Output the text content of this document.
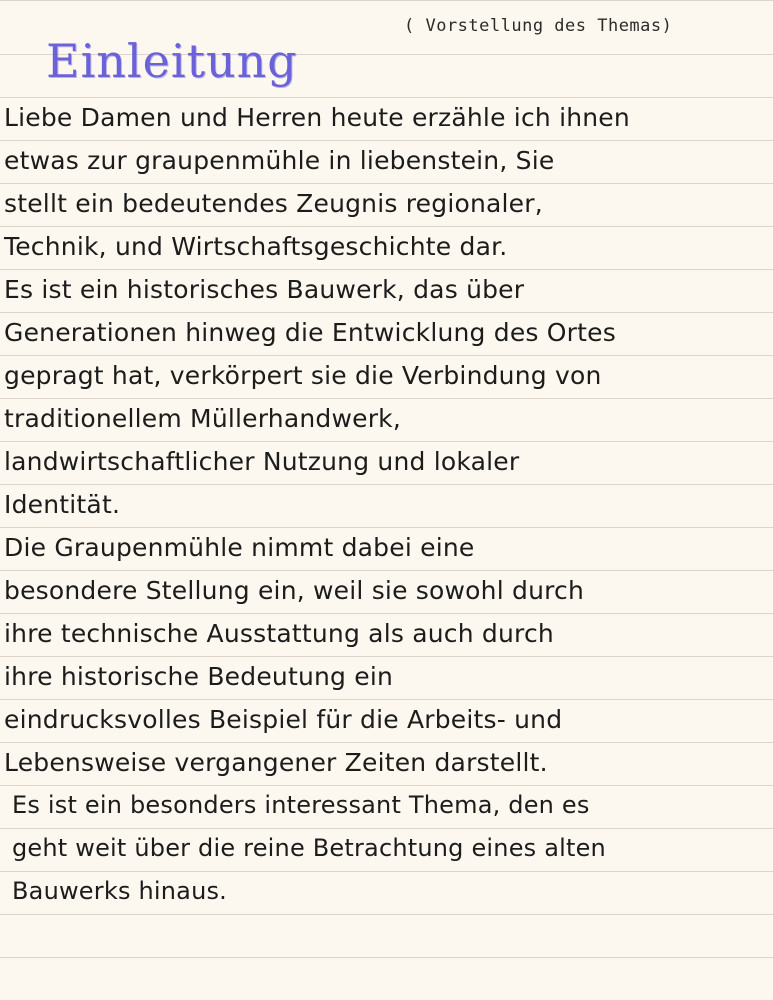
( Vorstellung des Themas)
Einleitung
Liebe Damen und Herren heute erzähle ich ihnen
etwas zur graupenmühle in liebenstein, Sie
stellt ein bedeutendes Zeugnis regionaler,
Technik, und Wirtschaftsgeschichte dar.
Es ist ein historisches Bauwerk, das über
Generationen hinweg die Entwicklung des Ortes
gepragt hat, verkörpert sie die Verbindung von
traditionellem Müllerhandwerk,
landwirtschaftlicher Nutzung und lokaler
Identität.
Die Graupenmühle nimmt dabei eine
besondere Stellung ein, weil sie sowohl durch
ihre technische Ausstattung als auch durch
ihre historische Bedeutung ein
eindrucksvolles Beispiel für die Arbeits- und
Lebensweise vergangener Zeiten darstellt.
Es ist ein besonders interessant Thema, den es
geht weit über die reine Betrachtung eines alten
Bauwerks hinaus.
